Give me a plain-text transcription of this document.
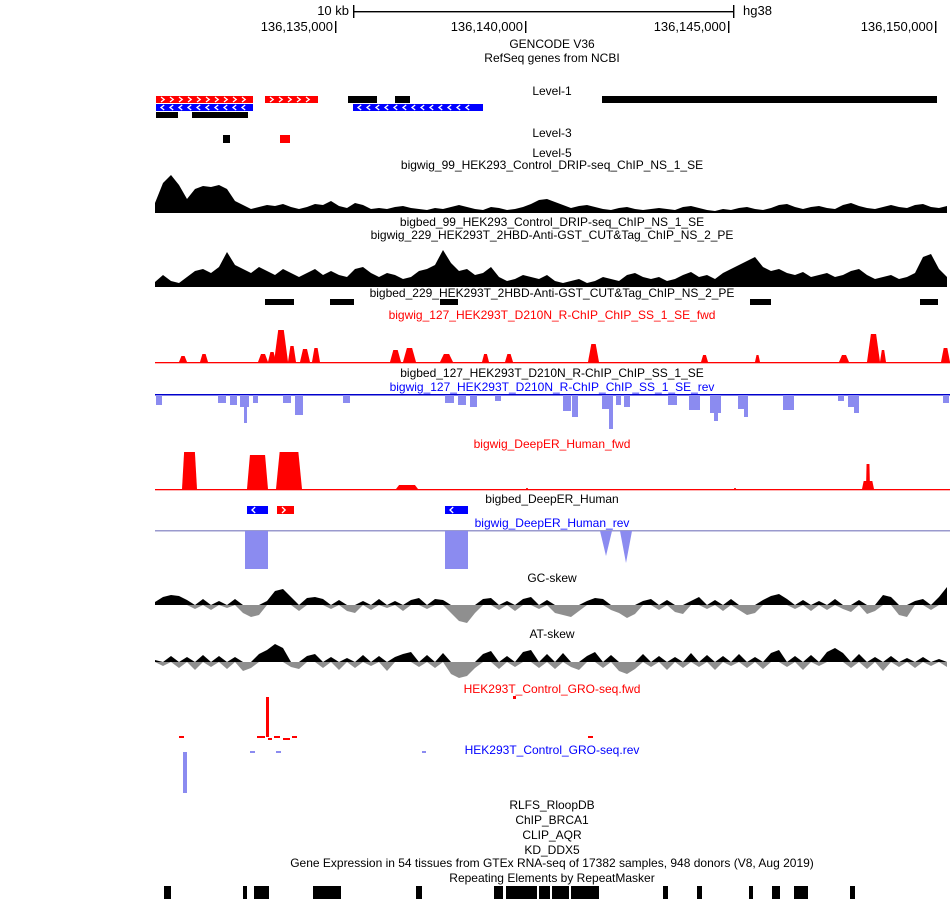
10 kb	hg38
136,135,000	136,140,000	136,145,000	136,150,000
GENCODE V36
RefSeq genes from NCBI
Level-1
Level-3
Level-5
bigwig_99_HEK293_Control_DRIP-seq_ChIP_NS_1_SE
bigbed_99_HEK293_Control_DRIP-seq_ChIP_NS_1_SE
bigwig_229_HEK293T_2HBD-Anti-GST_CUT&Tag_ChIP_NS_2_PE
bigbed_229_HEK293T_2HBD-Anti-GST_CUT&Tag_ChIP_NS_2_PE
bigwig_127_HEK293T_D210N_R-ChIP_ChIP_SS_1_SE_fwd
bigbed_127_HEK293T_D210N_R-ChIP_ChIP_SS_1_SE
bigwig_127_HEK293T_D210N_R-ChIP_ChIP_SS_1_SE_rev
bigwig_DeepER_Human_fwd
bigbed_DeepER_Human
bigwig_DeepER_Human_rev
GC-skew
AT-skew
HEK293T_Control_GRO-seq.fwd
HEK293T_Control_GRO-seq.rev
RLFS_RloopDB
ChIP_BRCA1
CLIP_AQR
KD_DDX5
Gene Expression in 54 tissues from GTEx RNA-seq of 17382 samples, 948 donors (V8, Aug 2019)
Repeating Elements by RepeatMasker
